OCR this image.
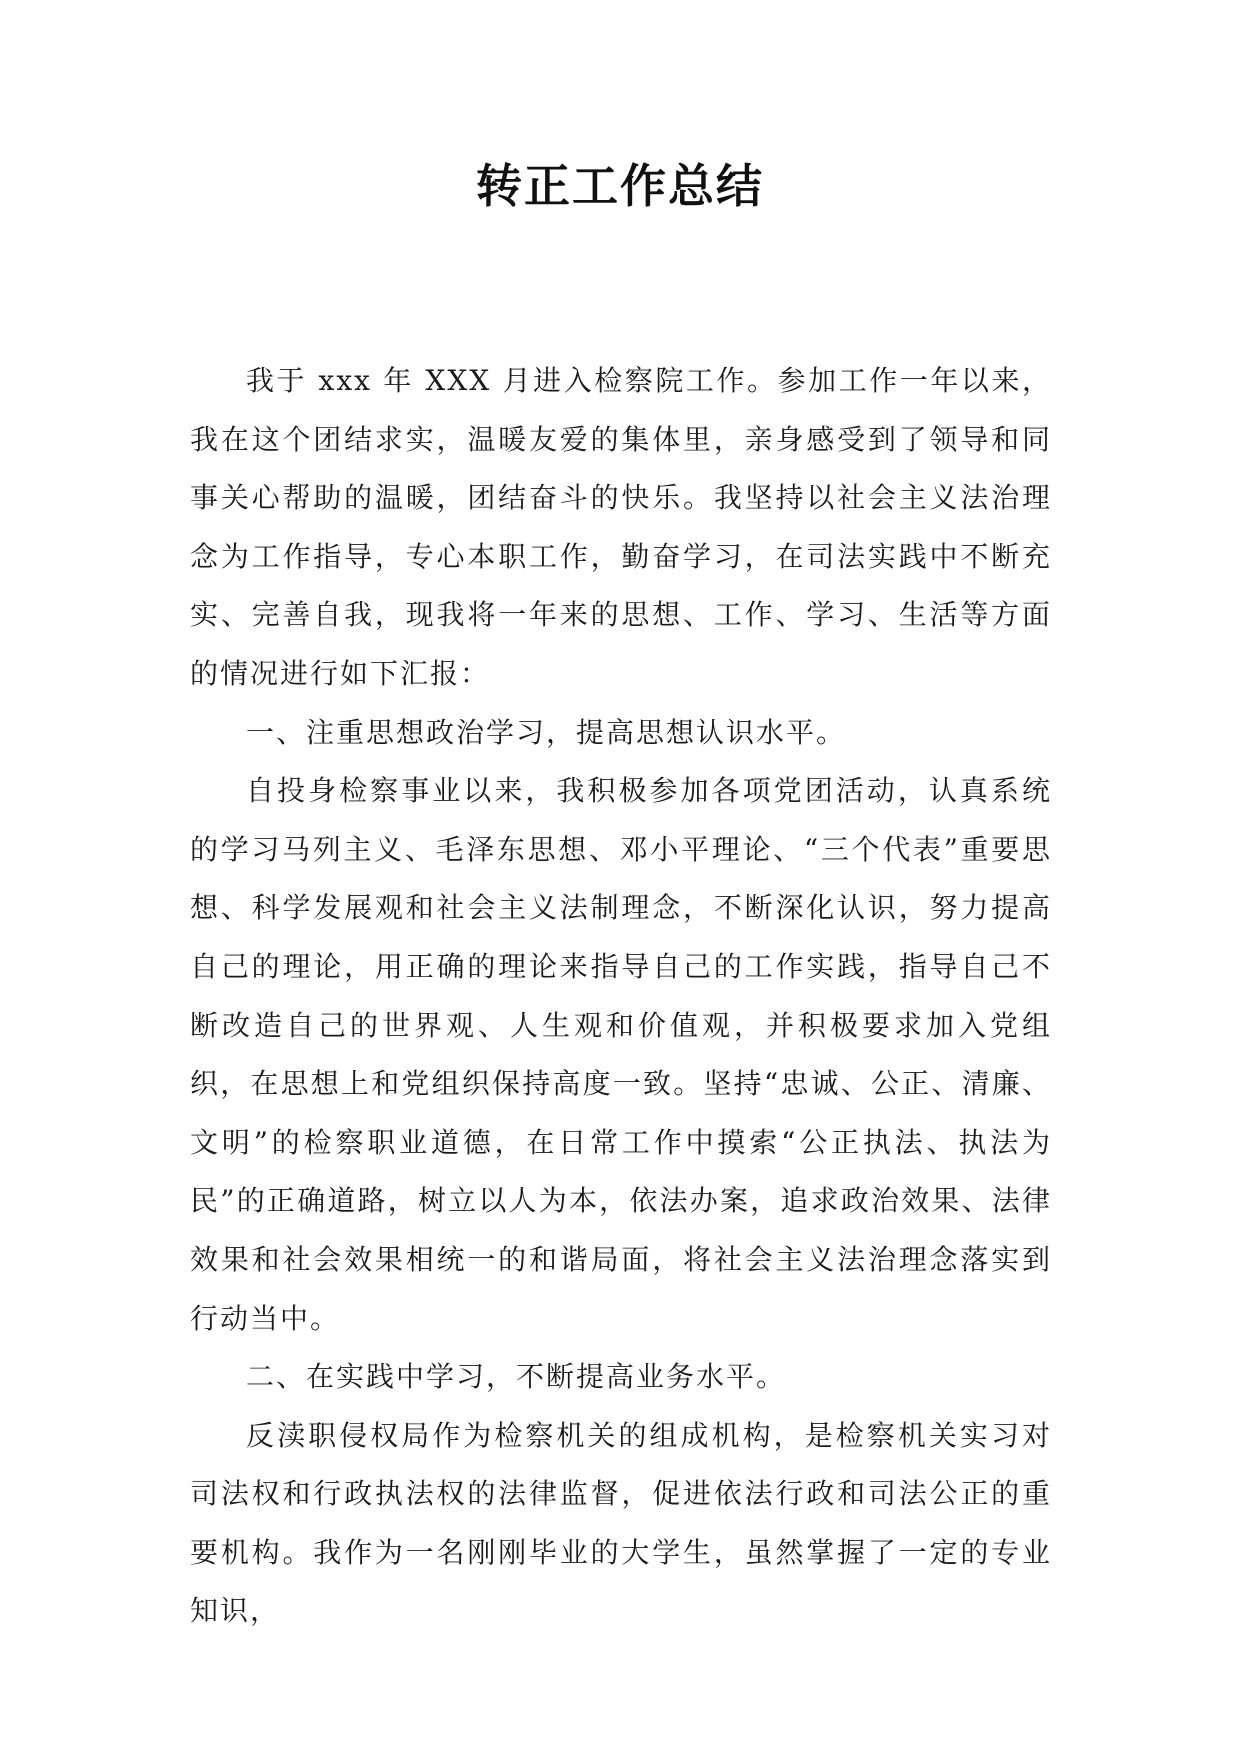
转正工作总结

我于 xxx 年 XXX 月进入检察院工作。参加工作一年以来，我在这个团结求实，温暖友爱的集体里，亲身感受到了领导和同事关心帮助的温暖，团结奋斗的快乐。我坚持以社会主义法治理念为工作指导，专心本职工作，勤奋学习，在司法实践中不断充实、完善自我，现我将一年来的思想、工作、学习、生活等方面的情况进行如下汇报：

一、注重思想政治学习，提高思想认识水平。

自投身检察事业以来，我积极参加各项党团活动，认真系统的学习马列主义、毛泽东思想、邓小平理论、“三个代表”重要思想、科学发展观和社会主义法制理念，不断深化认识，努力提高自己的理论，用正确的理论来指导自己的工作实践，指导自己不断改造自己的世界观、人生观和价值观，并积极要求加入党组织，在思想上和党组织保持高度一致。坚持“忠诚、公正、清廉、文明”的检察职业道德，在日常工作中摸索“公正执法、执法为民”的正确道路，树立以人为本，依法办案，追求政治效果、法律效果和社会效果相统一的和谐局面，将社会主义法治理念落实到行动当中。

二、在实践中学习，不断提高业务水平。

反渎职侵权局作为检察机关的组成机构，是检察机关实习对司法权和行政执法权的法律监督，促进依法行政和司法公正的重要机构。我作为一名刚刚毕业的大学生，虽然掌握了一定的专业知识，
